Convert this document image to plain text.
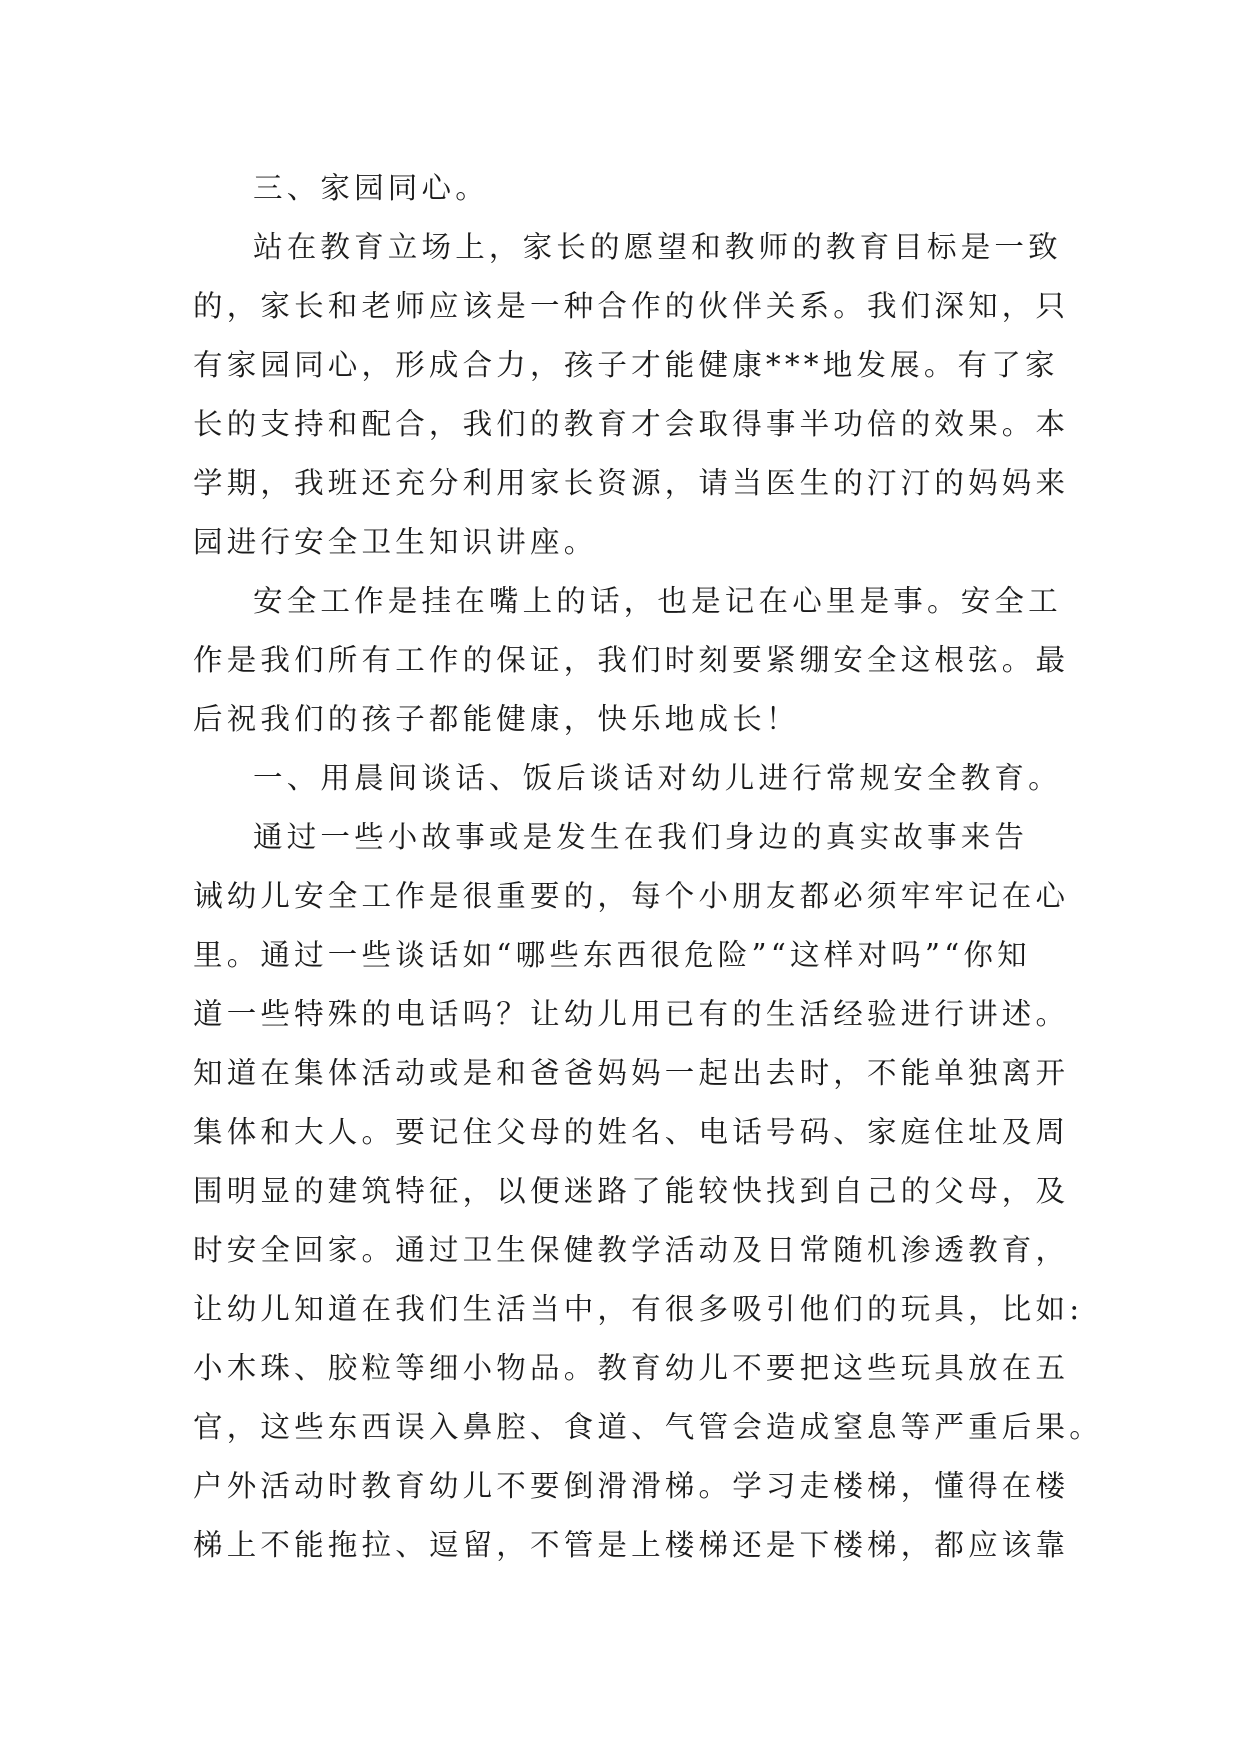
三、家园同心。
站在教育立场上，家长的愿望和教师的教育目标是一致
的，家长和老师应该是一种合作的伙伴关系。我们深知，只
有家园同心，形成合力，孩子才能健康***地发展。有了家
长的支持和配合，我们的教育才会取得事半功倍的效果。本
学期，我班还充分利用家长资源，请当医生的汀汀的妈妈来
园进行安全卫生知识讲座。
安全工作是挂在嘴上的话，也是记在心里是事。安全工
作是我们所有工作的保证，我们时刻要紧绷安全这根弦。最
后祝我们的孩子都能健康，快乐地成长！
一、用晨间谈话、饭后谈话对幼儿进行常规安全教育。
通过一些小故事或是发生在我们身边的真实故事来告
诫幼儿安全工作是很重要的，每个小朋友都必须牢牢记在心
里。通过一些谈话如“哪些东西很危险”“这样对吗”“你知
道一些特殊的电话吗？让幼儿用已有的生活经验进行讲述。
知道在集体活动或是和爸爸妈妈一起出去时，不能单独离开
集体和大人。要记住父母的姓名、电话号码、家庭住址及周
围明显的建筑特征，以便迷路了能较快找到自己的父母，及
时安全回家。通过卫生保健教学活动及日常随机渗透教育，
让幼儿知道在我们生活当中，有很多吸引他们的玩具，比如:
小木珠、胶粒等细小物品。教育幼儿不要把这些玩具放在五
官，这些东西误入鼻腔、食道、气管会造成窒息等严重后果。
户外活动时教育幼儿不要倒滑滑梯。学习走楼梯，懂得在楼
梯上不能拖拉、逗留，不管是上楼梯还是下楼梯，都应该靠
